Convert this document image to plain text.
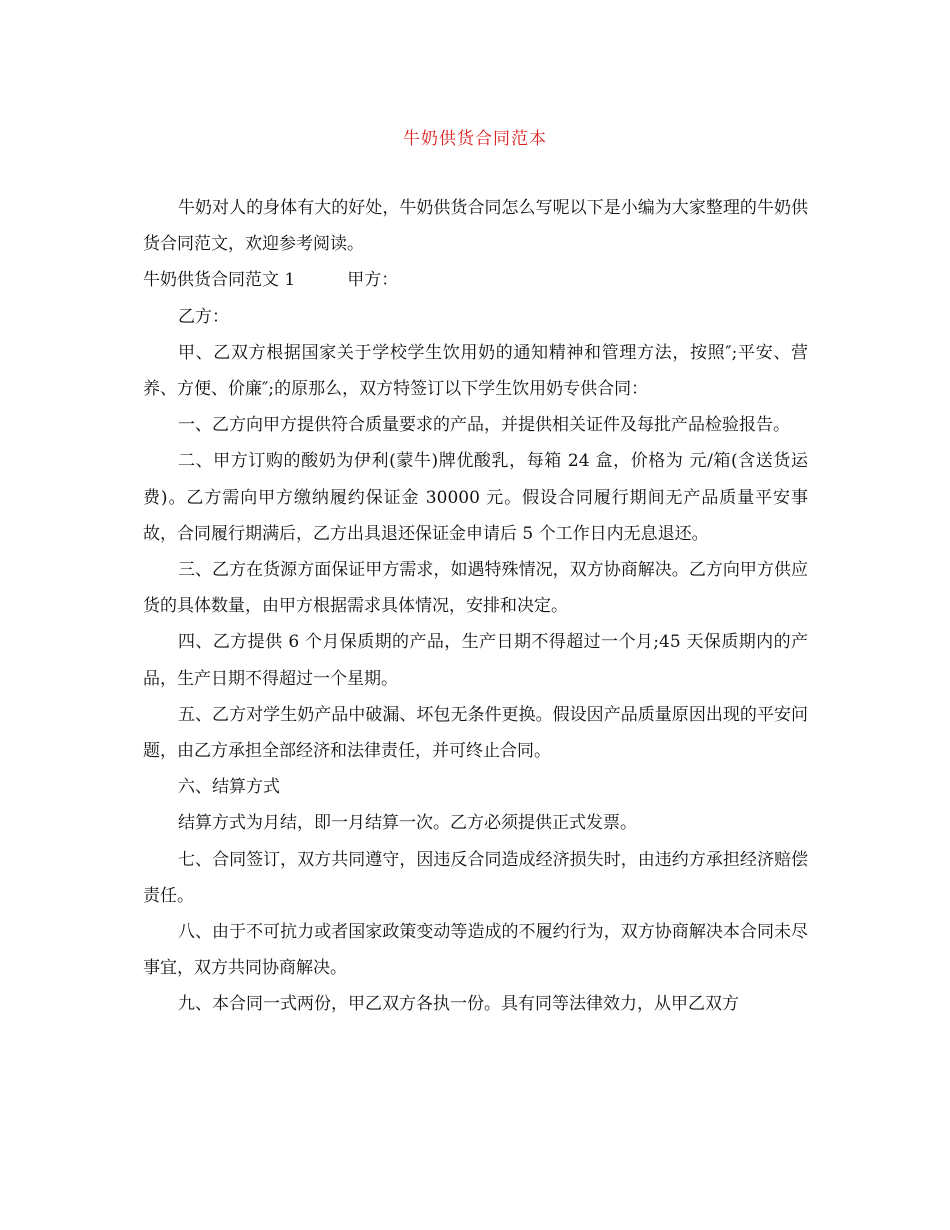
牛奶供货合同范本

牛奶对人的身体有大的好处，牛奶供货合同怎么写呢以下是小编为大家整理的牛奶供货合同范文，欢迎参考阅读。

牛奶供货合同范文 1	甲方：

乙方：

甲、乙双方根据国家关于学校学生饮用奶的通知精神和管理方法，按照″;平安、营养、方便、价廉″;的原那么，双方特签订以下学生饮用奶专供合同：

一、乙方向甲方提供符合质量要求的产品，并提供相关证件及每批产品检验报告。

二、甲方订购的酸奶为伊利(蒙牛)牌优酸乳，每箱 24 盒，价格为 元/箱(含送货运费)。乙方需向甲方缴纳履约保证金 30000 元。假设合同履行期间无产品质量平安事故，合同履行期满后，乙方出具退还保证金申请后 5 个工作日内无息退还。

三、乙方在货源方面保证甲方需求，如遇特殊情况，双方协商解决。乙方向甲方供应货的具体数量，由甲方根据需求具体情况，安排和决定。

四、乙方提供 6 个月保质期的产品，生产日期不得超过一个月;45 天保质期内的产品，生产日期不得超过一个星期。

五、乙方对学生奶产品中破漏、坏包无条件更换。假设因产品质量原因出现的平安问题，由乙方承担全部经济和法律责任，并可终止合同。

六、结算方式

结算方式为月结，即一月结算一次。乙方必须提供正式发票。

七、合同签订，双方共同遵守，因违反合同造成经济损失时，由违约方承担经济赔偿责任。

八、由于不可抗力或者国家政策变动等造成的不履约行为，双方协商解决本合同未尽事宜，双方共同协商解决。

九、本合同一式两份，甲乙双方各执一份。具有同等法律效力，从甲乙双方
